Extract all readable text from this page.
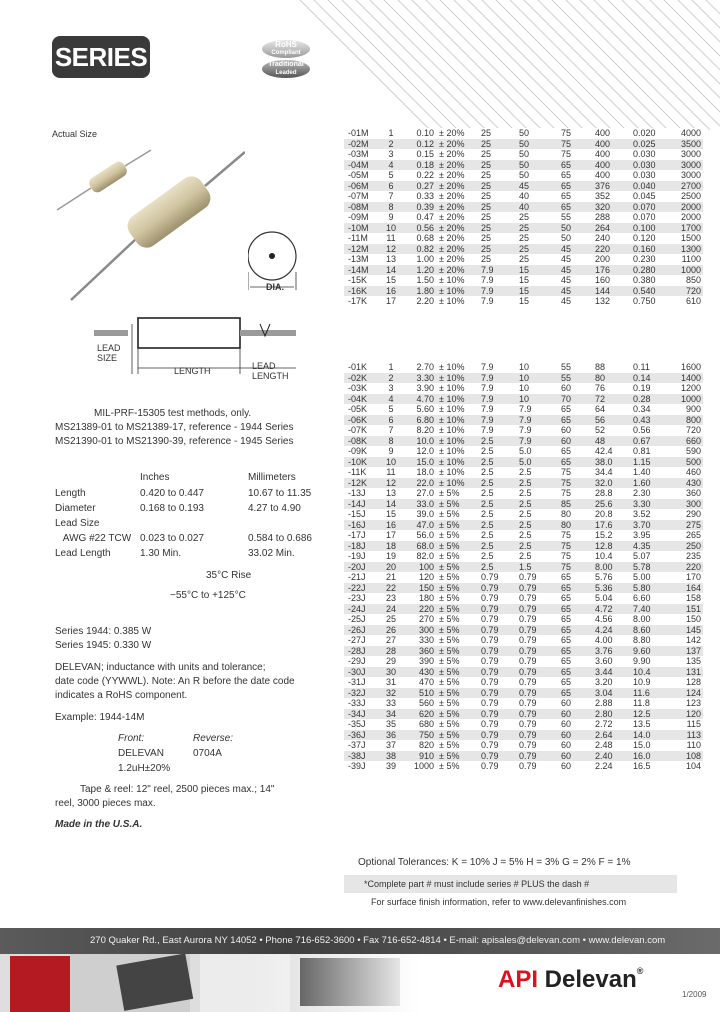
SERIES	RoHS
Compliant
Traditional
Leaded
Actual Size
DIA.
LEAD
SIZE
LENGTH	LEAD
LENGTH
MIL-PRF-15305 test methods, only.
MS21389-01 to MS21389-17, reference - 1944 Series
MS21390-01 to MS21390-39, reference - 1945 Series
Inches	Millimeters
Length	0.420 to 0.447	10.67 to 11.35
Diameter	0.168 to 0.193	4.27 to 4.90
Lead Size
AWG #22 TCW 0.023 to 0.027	0.584 to 0.686
Lead Length	1.30 Min.	33.02 Min.
35°C Rise
−55°C to +125°C
Series 1944: 0.385 W
Series 1945: 0.330 W
DELEVAN; inductance with units and tolerance;
date code (YYWWL). Note: An R before the date code
indicates a RoHS component.
Example: 1944-14M
Front:	Reverse:
DELEVAN	0704A
1.2uH±20%
Tape & reel: 12" reel, 2500 pieces max.; 14"
reel, 3000 pieces max.
Made in the U.S.A.
-01M	1	0.10	± 20%	25	50	75	400	0.020	4000
-02M	2	0.12	± 20%	25	50	75	400	0.025	3500
-03M	3	0.15	± 20%	25	50	75	400	0.030	3000
-04M	4	0.18	± 20%	25	50	65	400	0.030	3000
-05M	5	0.22	± 20%	25	50	65	400	0.030	3000
-06M	6	0.27	± 20%	25	45	65	376	0.040	2700
-07M	7	0.33	± 20%	25	40	65	352	0.045	2500
-08M	8	0.39	± 20%	25	40	65	320	0.070	2000
-09M	9	0.47	± 20%	25	25	55	288	0.070	2000
-10M	10	0.56	± 20%	25	25	50	264	0.100	1700
-11M	11	0.68	± 20%	25	25	50	240	0.120	1500
-12M	12	0.82	± 20%	25	25	45	220	0.160	1300
-13M	13	1.00	± 20%	25	25	45	200	0.230	1100
-14M	14	1.20	± 20%	7.9	15	45	176	0.280	1000
-15K	15	1.50	± 10%	7.9	15	45	160	0.380	850
-16K	16	1.80	± 10%	7.9	15	45	144	0.540	720
-17K	17	2.20	± 10%	7.9	15	45	132	0.750	610
-01K	1	2.70	± 10%	7.9	10	55	88	0.11	1600
-02K	2	3.30	± 10%	7.9	10	55	80	0.14	1400
-03K	3	3.90	± 10%	7.9	10	60	76	0.19	1200
-04K	4	4.70	± 10%	7.9	10	70	72	0.28	1000
-05K	5	5.60	± 10%	7.9	7.9	65	64	0.34	900
-06K	6	6.80	± 10%	7.9	7.9	65	56	0.43	800
-07K	7	8.20	± 10%	7.9	7.9	60	52	0.56	720
-08K	8	10.0	± 10%	2.5	7.9	60	48	0.67	660
-09K	9	12.0	± 10%	2.5	5.0	65	42.4	0.81	590
-10K	10	15.0	± 10%	2.5	5.0	65	38.0	1.15	500
-11K	11	18.0	± 10%	2.5	2.5	75	34.4	1.40	460
-12K	12	22.0	± 10%	2.5	2.5	75	32.0	1.60	430
-13J	13	27.0	± 5%	2.5	2.5	75	28.8	2.30	360
-14J	14	33.0	± 5%	2.5	2.5	85	25.6	3.30	300
-15J	15	39.0	± 5%	2.5	2.5	80	20.8	3.52	290
-16J	16	47.0	± 5%	2.5	2.5	80	17.6	3.70	275
-17J	17	56.0	± 5%	2.5	2.5	75	15.2	3.95	265
-18J	18	68.0	± 5%	2.5	2.5	75	12.8	4.35	250
-19J	19	82.0	± 5%	2.5	2.5	75	10.4	5.07	235
-20J	20	100	± 5%	2.5	1.5	75	8.00	5.78	220
-21J	21	120	± 5%	0.79	0.79	65	5.76	5.00	170
-22J	22	150	± 5%	0.79	0.79	65	5.36	5.80	164
-23J	23	180	± 5%	0.79	0.79	65	5.04	6.60	158
-24J	24	220	± 5%	0.79	0.79	65	4.72	7.40	151
-25J	25	270	± 5%	0.79	0.79	65	4.56	8.00	150
-26J	26	300	± 5%	0.79	0.79	65	4.24	8.60	145
-27J	27	330	± 5%	0.79	0.79	65	4.00	8.80	142
-28J	28	360	± 5%	0.79	0.79	65	3.76	9.60	137
-29J	29	390	± 5%	0.79	0.79	65	3.60	9.90	135
-30J	30	430	± 5%	0.79	0.79	65	3.44	10.4	131
-31J	31	470	± 5%	0.79	0.79	65	3.20	10.9	128
-32J	32	510	± 5%	0.79	0.79	65	3.04	11.6	124
-33J	33	560	± 5%	0.79	0.79	60	2.88	11.8	123
-34J	34	620	± 5%	0.79	0.79	60	2.80	12.5	120
-35J	35	680	± 5%	0.79	0.79	60	2.72	13.5	115
-36J	36	750	± 5%	0.79	0.79	60	2.64	14.0	113
-37J	37	820	± 5%	0.79	0.79	60	2.48	15.0	110
-38J	38	910	± 5%	0.79	0.79	60	2.40	16.0	108
-39J	39	1000	± 5%	0.79	0.79	60	2.24	16.5	104
Optional Tolerances: K = 10% J = 5% H = 3% G = 2% F = 1%
*Complete part # must include series # PLUS the dash #
For surface finish information, refer to www.delevanfinishes.com
270 Quaker Rd., East Aurora NY 14052 • Phone 716-652-3600 • Fax 716-652-4814 • E-mail: apisales@delevan.com • www.delevan.com
API Delevan®
1/2009
